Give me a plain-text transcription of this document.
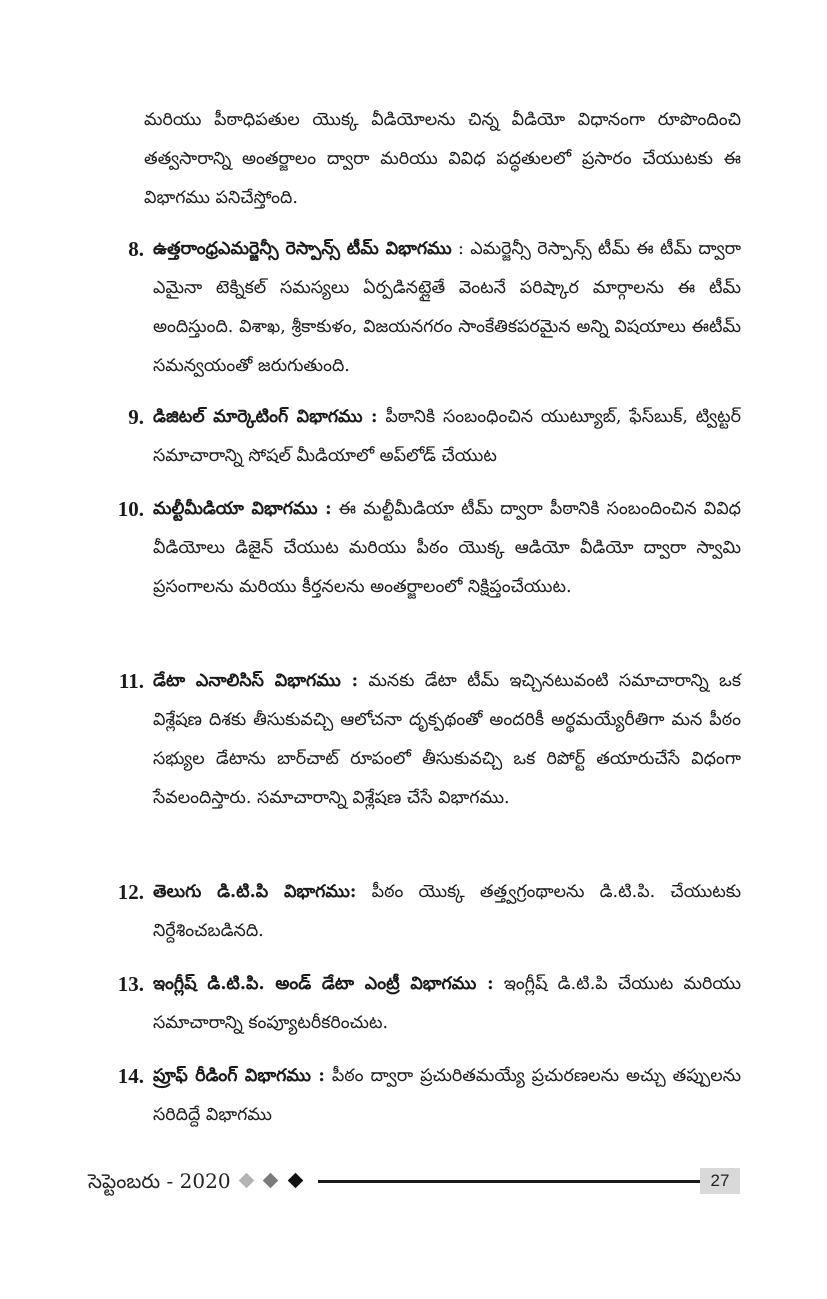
మరియు పీఠాధిపతుల యొక్క వీడియోలను చిన్న వీడియో విధానంగా రూపొందించి తత్వసారాన్ని అంతర్జాలం ద్వారా మరియు వివిధ పద్ధతులలో ప్రసారం చేయుటకు ఈ విభాగము పనిచేస్తోంది.
8. ఉత్తరాంధ్రఎమర్జెన్సీ రెస్పాన్స్ టీమ్ విభాగము : ఎమర్జెన్సీ రెస్పాన్స్ టీమ్ ఈ టీమ్ ద్వారా ఎమైనా టెక్నికల్ సమస్యలు ఏర్పడినట్లైతే వెంటనే పరిష్కార మార్గాలను ఈ టీమ్ అందిస్తుంది. విశాఖ, శ్రీకాకుళం, విజయనగరం సాంకేతికపరమైన అన్ని విషయాలు ఈటీమ్ సమన్వయంతో జరుగుతుంది.
9. డిజిటల్ మార్కెటింగ్ విభాగము : పీఠానికి సంబంధించిన యుట్యూబ్, ఫేస్‌బుక్, ట్విట్టర్ సమాచారాన్ని సోషల్ మీడియాలో అప్‌లోడ్ చేయుట
10. మల్టీమీడియా విభాగము : ఈ మల్టీమీడియా టీమ్ ద్వారా పీఠానికి సంబందించిన వివిధ వీడియోలు డిజైన్ చేయుట మరియు పీఠం యొక్క ఆడియో వీడియో ద్వారా స్వామి ప్రసంగాలను మరియు కీర్తనలను అంతర్జాలంలో నిక్షిప్తంచేయుట.
11. డేటా ఎనాలిసిస్ విభాగము : మనకు డేటా టీమ్ ఇచ్చినటువంటి సమాచారాన్ని ఒక విశ్లేషణ దిశకు తీసుకువచ్చి ఆలోచనా దృక్పథంతో అందరికీ అర్థమయ్యేరీతిగా మన పీఠం సభ్యుల డేటాను బార్‌చాట్ రూపంలో తీసుకువచ్చి ఒక రిపోర్ట్ తయారుచేసే విధంగా సేవలందిస్తారు. సమాచారాన్ని విశ్లేషణ చేసే విభాగము.
12. తెలుగు డి.టి.పి విభాగము: పీఠం యొక్క తత్త్వగ్రంథాలను డి.టి.పి. చేయుటకు నిర్దేశించబడినది.
13. ఇంగ్లీష్ డి.టి.పి. అండ్ డేటా ఎంట్రీ విభాగము : ఇంగ్లీష్ డి.టి.పి చేయుట మరియు సమాచారాన్ని కంప్యూటరీకరించుట.
14. ప్రూఫ్ రీడింగ్ విభాగము : పీఠం ద్వారా ప్రచురితమయ్యే ప్రచురణలను అచ్చు తప్పులను సరిదిద్దే విభాగము
సెప్టెంబరు - 2020	27
